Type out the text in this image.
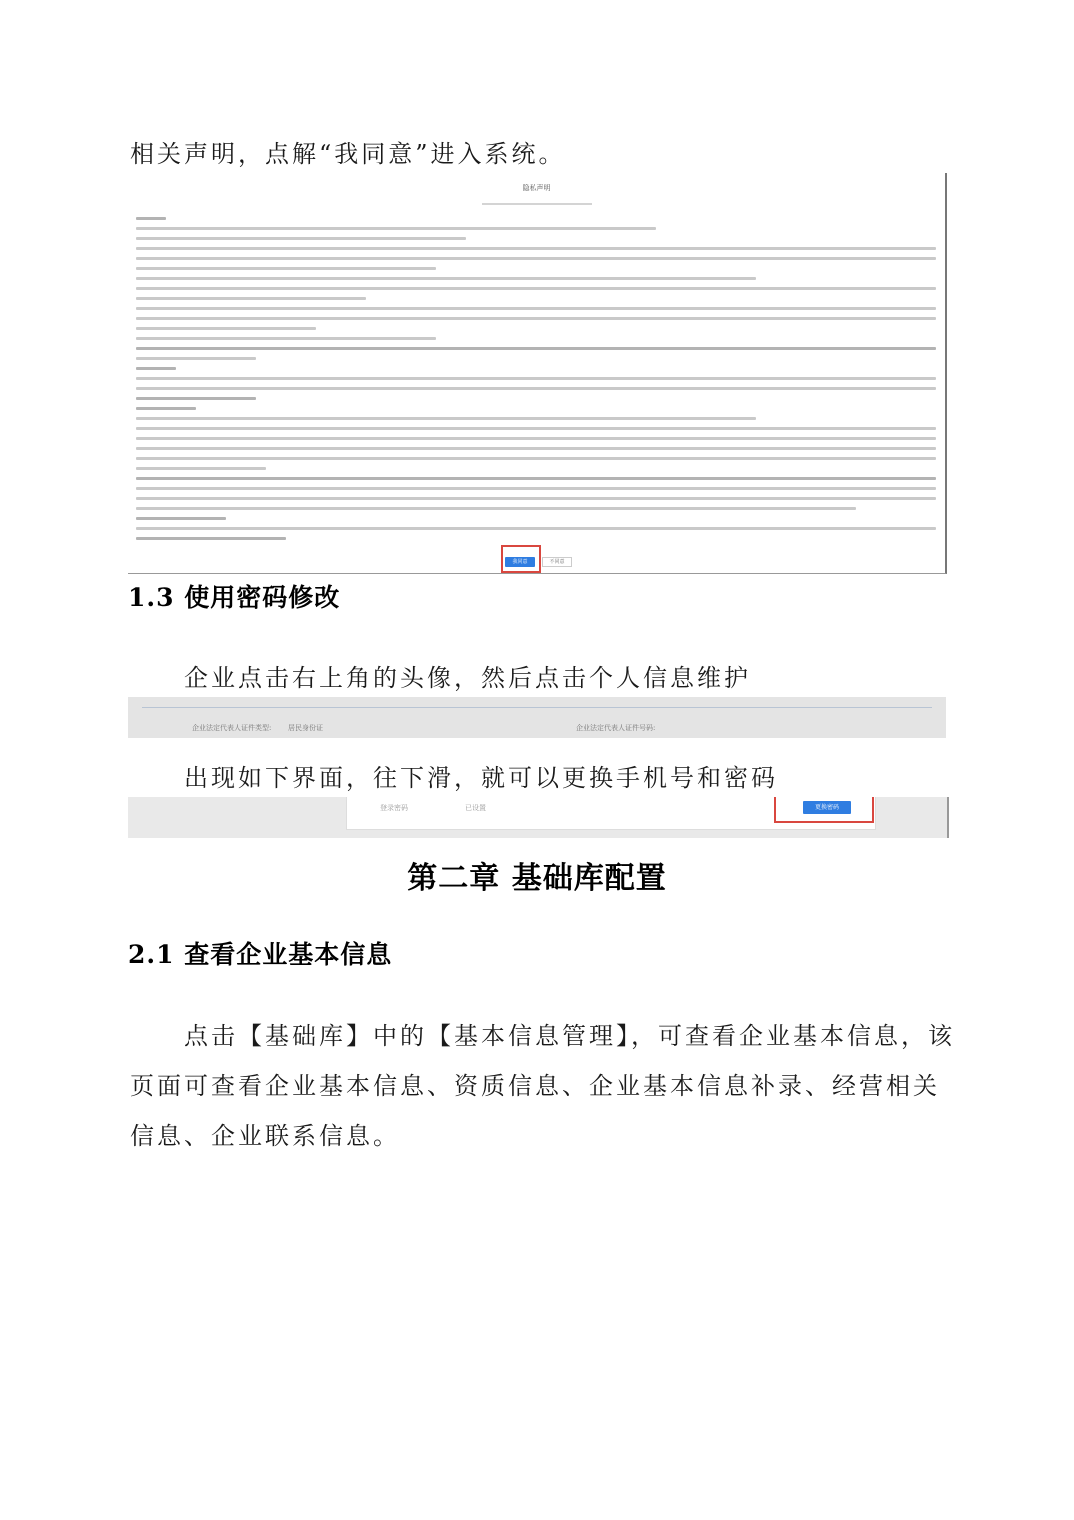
相关声明，点解“我同意”进入系统。
隐私声明
我同意	不同意
1.3 使用密码修改
企业点击右上角的头像，然后点击个人信息维护
企业法定代表人证件类型: 居民身份证	企业法定代表人证件号码:
出现如下界面，往下滑，就可以更换手机号和密码
登录密码	已设置	更换密码
第二章 基础库配置
2.1 查看企业基本信息
点击【基础库】中的【基本信息管理】，可查看企业基本信息，该
页面可查看企业基本信息、资质信息、企业基本信息补录、经营相关
信息、企业联系信息。
